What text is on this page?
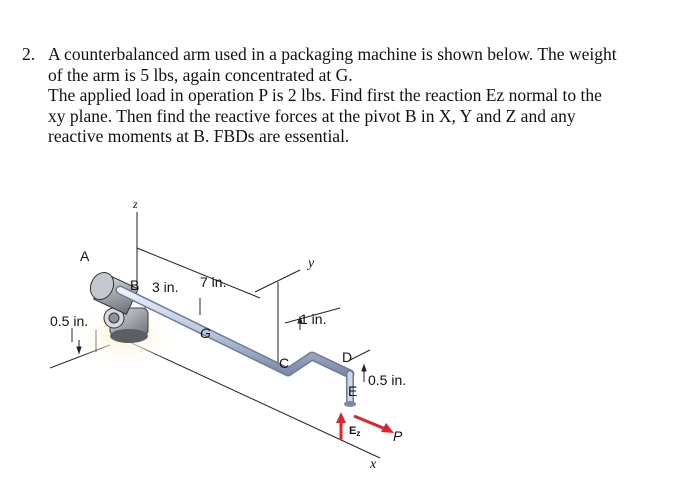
2. A counterbalanced arm used in a packaging machine is shown below. The weight

of the arm is 5 lbs, again concentrated at G.

The applied load in operation P is 2 lbs. Find first the reaction Ez normal to the

xy plane. Then find the reactive forces at the pivot B in X, Y and Z and any

reactive moments at B. FBDs are essential.

A
B
C	D
E
G
P
Ez
x
y
z
3 in. 7 in.
1 in.
0.5 in.
0.5 in.
